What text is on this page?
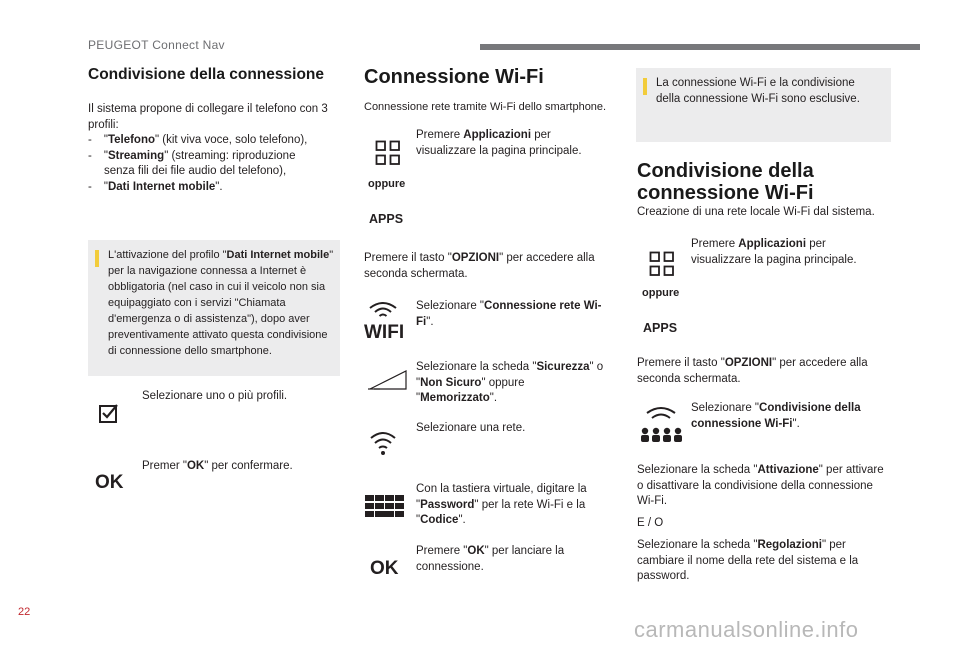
PEUGEOT Connect Nav
Condivisione della connessione
Il sistema propone di collegare il telefono con 3 profili:
- "Telefono" (kit viva voce, solo telefono),
- "Streaming" (streaming: riproduzione
senza fili dei file audio del telefono),
- "Dati Internet mobile".
L'attivazione del profilo "Dati Internet mobile" per la navigazione connessa a Internet è obbligatoria (nel caso in cui il veicolo non sia equipaggiato con i servizi "Chiamata d'emergenza o di assistenza"), dopo aver preventivamente attivato questa condivisione di connessione dello smartphone.
Selezionare uno o più profili.
OK
Premer "OK" per confermare.
Connessione Wi-Fi
Connessione rete tramite Wi-Fi dello smartphone.
Premere Applicazioni per visualizzare la pagina principale.
oppure
APPS
Premere il tasto "OPZIONI" per accedere alla seconda schermata.
WIFI
Selezionare "Connessione rete Wi-Fi".
Selezionare la scheda "Sicurezza" o "Non Sicuro" oppure "Memorizzato".
Selezionare una rete.
Con la tastiera virtuale, digitare la "Password" per la rete Wi-Fi e la "Codice".
OK
Premere "OK" per lanciare la connessione.
La connessione Wi-Fi e la condivisione della connessione Wi-Fi sono esclusive.
Condivisione della connessione Wi-Fi
Creazione di una rete locale Wi-Fi dal sistema.
Premere Applicazioni per visualizzare la pagina principale.
oppure
APPS
Premere il tasto "OPZIONI" per accedere alla seconda schermata.
Selezionare "Condivisione della connessione Wi-Fi".
Selezionare la scheda "Attivazione" per attivare o disattivare la condivisione della connessione Wi-Fi.
E / O
Selezionare la scheda "Regolazioni" per cambiare il nome della rete del sistema e la password.
22
carmanualsonline.info
